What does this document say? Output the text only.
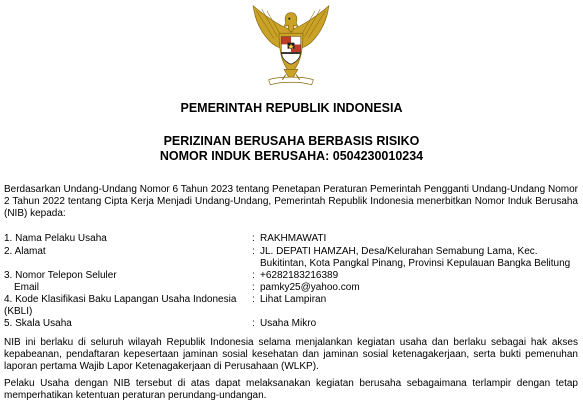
PEMERINTAH REPUBLIK INDONESIA
PERIZINAN BERUSAHA BERBASIS RISIKO
NOMOR INDUK BERUSAHA: 0504230010234
Berdasarkan Undang-Undang Nomor 6 Tahun 2023 tentang Penetapan Peraturan Pemerintah Pengganti Undang-Undang Nomor 2 Tahun 2022 tentang Cipta Kerja Menjadi Undang-Undang, Pemerintah Republik Indonesia menerbitkan Nomor Induk Berusaha (NIB) kepada:
1. Nama Pelaku Usaha	: RAKHMAWATI
2. Alamat	: JL. DEPATI HAMZAH, Desa/Kelurahan Semabung Lama, Kec. Bukitintan, Kota Pangkal Pinang, Provinsi Kepulauan Bangka Belitung
3. Nomor Telepon Seluler	: +6282183216389
Email	: pamky25@yahoo.com
4. Kode Klasifikasi Baku Lapangan Usaha Indonesia (KBLI)
: Lihat Lampiran
5. Skala Usaha	: Usaha Mikro
NIB ini berlaku di seluruh wilayah Republik Indonesia selama menjalankan kegiatan usaha dan berlaku sebagai hak akses kepabeanan, pendaftaran kepesertaan jaminan sosial kesehatan dan jaminan sosial ketenagakerjaan, serta bukti pemenuhan laporan pertama Wajib Lapor Ketenagakerjaan di Perusahaan (WLKP).
Pelaku Usaha dengan NIB tersebut di atas dapat melaksanakan kegiatan berusaha sebagaimana terlampir dengan tetap memperhatikan ketentuan peraturan perundang-undangan.
